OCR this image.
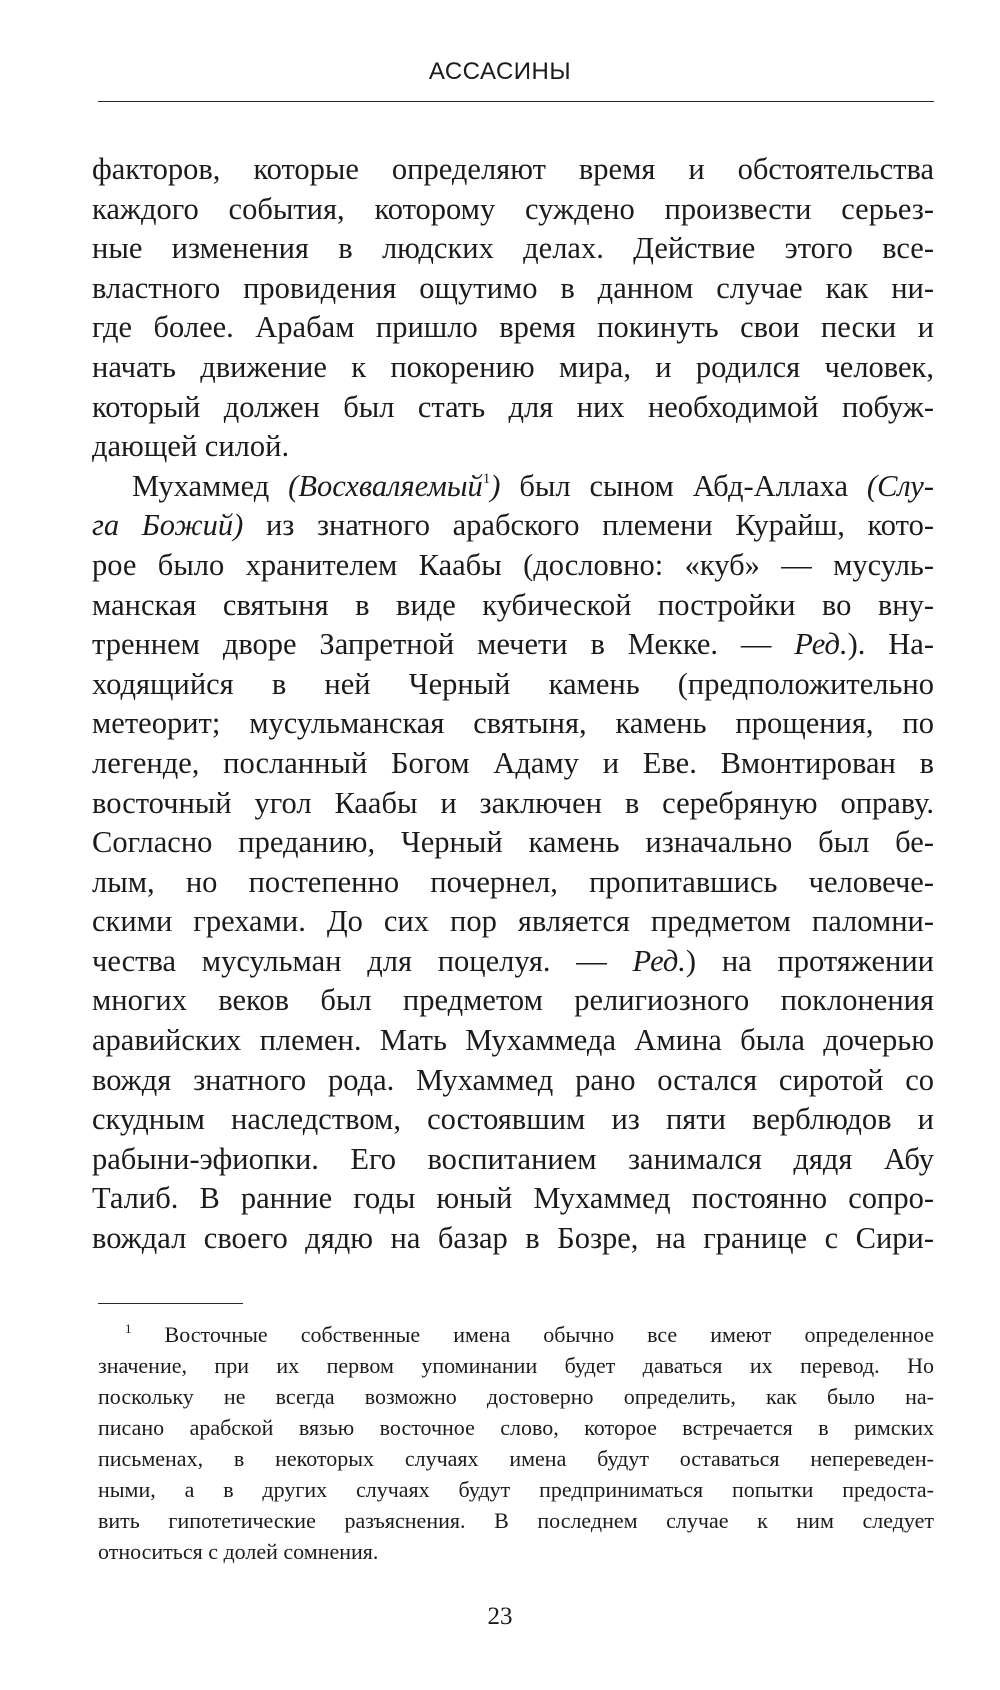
АССАСИНЫ

факторов, которые определяют время и обстоятельства

каждого события, которому суждено произвести серьез-

ные изменения в людских делах. Действие этого все-

властного провидения ощутимо в данном случае как ни-

где более. Арабам пришло время покинуть свои пески и

начать движение к покорению мира, и родился человек,

который должен был стать для них необходимой побуж-

дающей силой.

Мухаммед (Восхваляемый$^1$) был сыном Абд-Аллаха (Слу-

га Божий) из знатного арабского племени Курайш, кото-

рое было хранителем Каабы (дословно: «куб» — мусуль-

манская святыня в виде кубической постройки во вну-

треннем дворе Запретной мечети в Мекке. — Ред.). На-

ходящийся в ней Черный камень (предположительно

метеорит; мусульманская святыня, камень прощения, по

легенде, посланный Богом Адаму и Еве. Вмонтирован в

восточный угол Каабы и заключен в серебряную оправу.

Согласно преданию, Черный камень изначально был бе-

лым, но постепенно почернел, пропитавшись человече-

скими грехами. До сих пор является предметом паломни-

чества мусульман для поцелуя. — Ред.) на протяжении

многих веков был предметом религиозного поклонения

аравийских племен. Мать Мухаммеда Амина была дочерью

вождя знатного рода. Мухаммед рано остался сиротой со

скудным наследством, состоявшим из пяти верблюдов и

рабыни-эфиопки. Его воспитанием занимался дядя Абу

Талиб. В ранние годы юный Мухаммед постоянно сопро-

вождал своего дядю на базар в Бозре, на границе с Сири-

$^1$ Восточные собственные имена обычно все имеют определенное

значение, при их первом упоминании будет даваться их перевод. Но

поскольку не всегда возможно достоверно определить, как было на-

писано арабской вязью восточное слово, которое встречается в римских

письменах, в некоторых случаях имена будут оставаться непереведен-

ными, а в других случаях будут предприниматься попытки предоста-

вить гипотетические разъяснения. В последнем случае к ним следует

относиться с долей сомнения.

23
